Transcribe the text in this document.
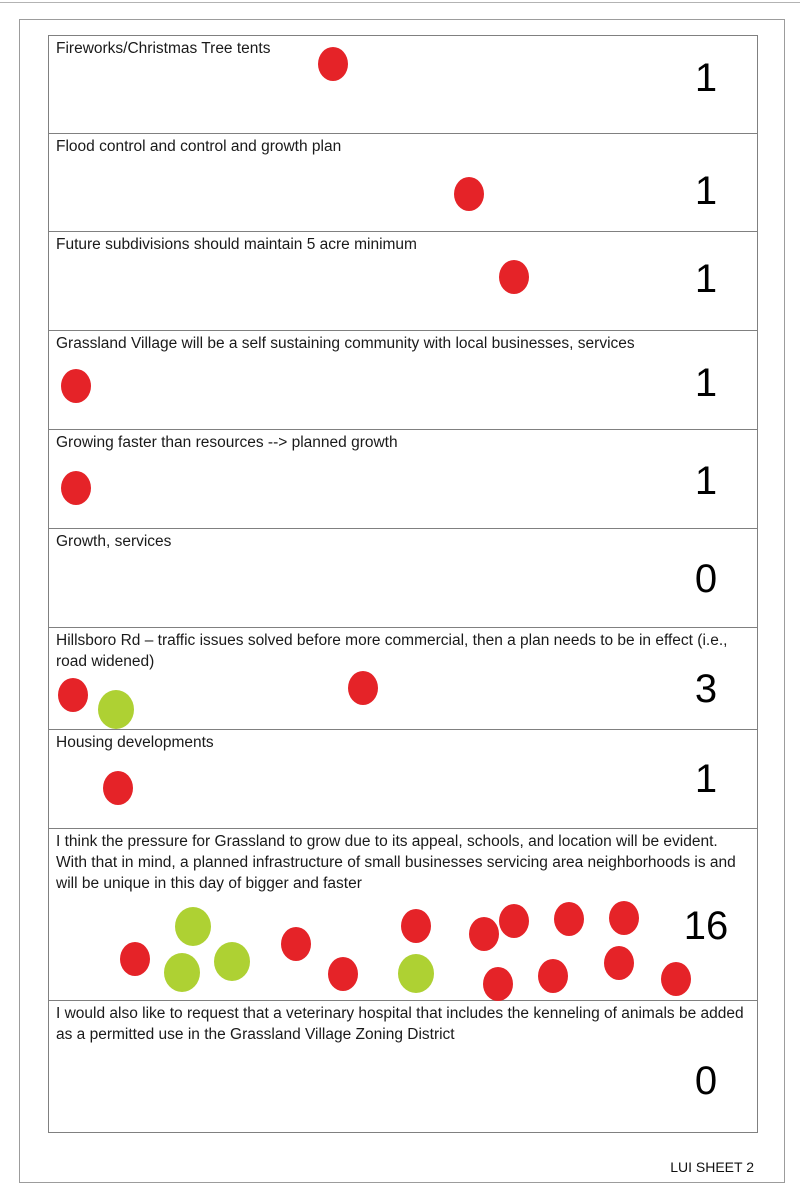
Fireworks/Christmas Tree tents
1
Flood control and control and growth plan
1
Future subdivisions should maintain 5 acre minimum
1
Grassland Village will be a self sustaining community with local businesses, services
1
Growing faster than resources --> planned growth
1
Growth, services
0
Hillsboro Rd – traffic issues solved before more commercial, then a plan needs to be in effect (i.e., road widened)
3
Housing developments
1
I think the pressure for Grassland to grow due to its appeal, schools, and location will be evident.  With that in mind, a planned infrastructure of small businesses servicing area neighborhoods is and will be unique in this day of bigger and faster
16
I would also like to request that a veterinary hospital that includes the kenneling of animals be added as a permitted use in the Grassland Village Zoning District
0
LUI SHEET 2
